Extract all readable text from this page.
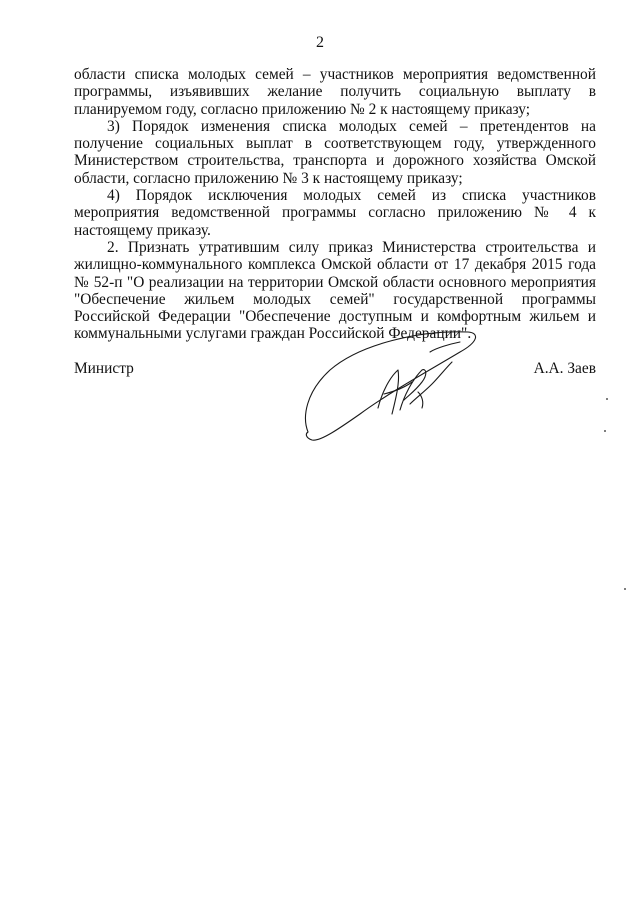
2

области списка молодых семей – участников мероприятия ведомственной программы, изъявивших желание получить социальную выплату в планируемом году, согласно приложению № 2 к настоящему приказу;

3) Порядок изменения списка молодых семей – претендентов на получение социальных выплат в соответствующем году, утвержденного Министерством строительства, транспорта и дорожного хозяйства Омской области, согласно приложению № 3 к настоящему приказу;

4) Порядок исключения молодых семей из списка участников мероприятия ведомственной программы согласно приложению № 4 к настоящему приказу.

2. Признать утратившим силу приказ Министерства строительства и жилищно-коммунального комплекса Омской области от 17 декабря 2015 года № 52-п "О реализации на территории Омской области основного мероприятия "Обеспечение жильем молодых семей" государственной программы Российской Федерации "Обеспечение доступным и комфортным жильем и коммунальными услугами граждан Российской Федерации".

Министр	А.А. Заев
